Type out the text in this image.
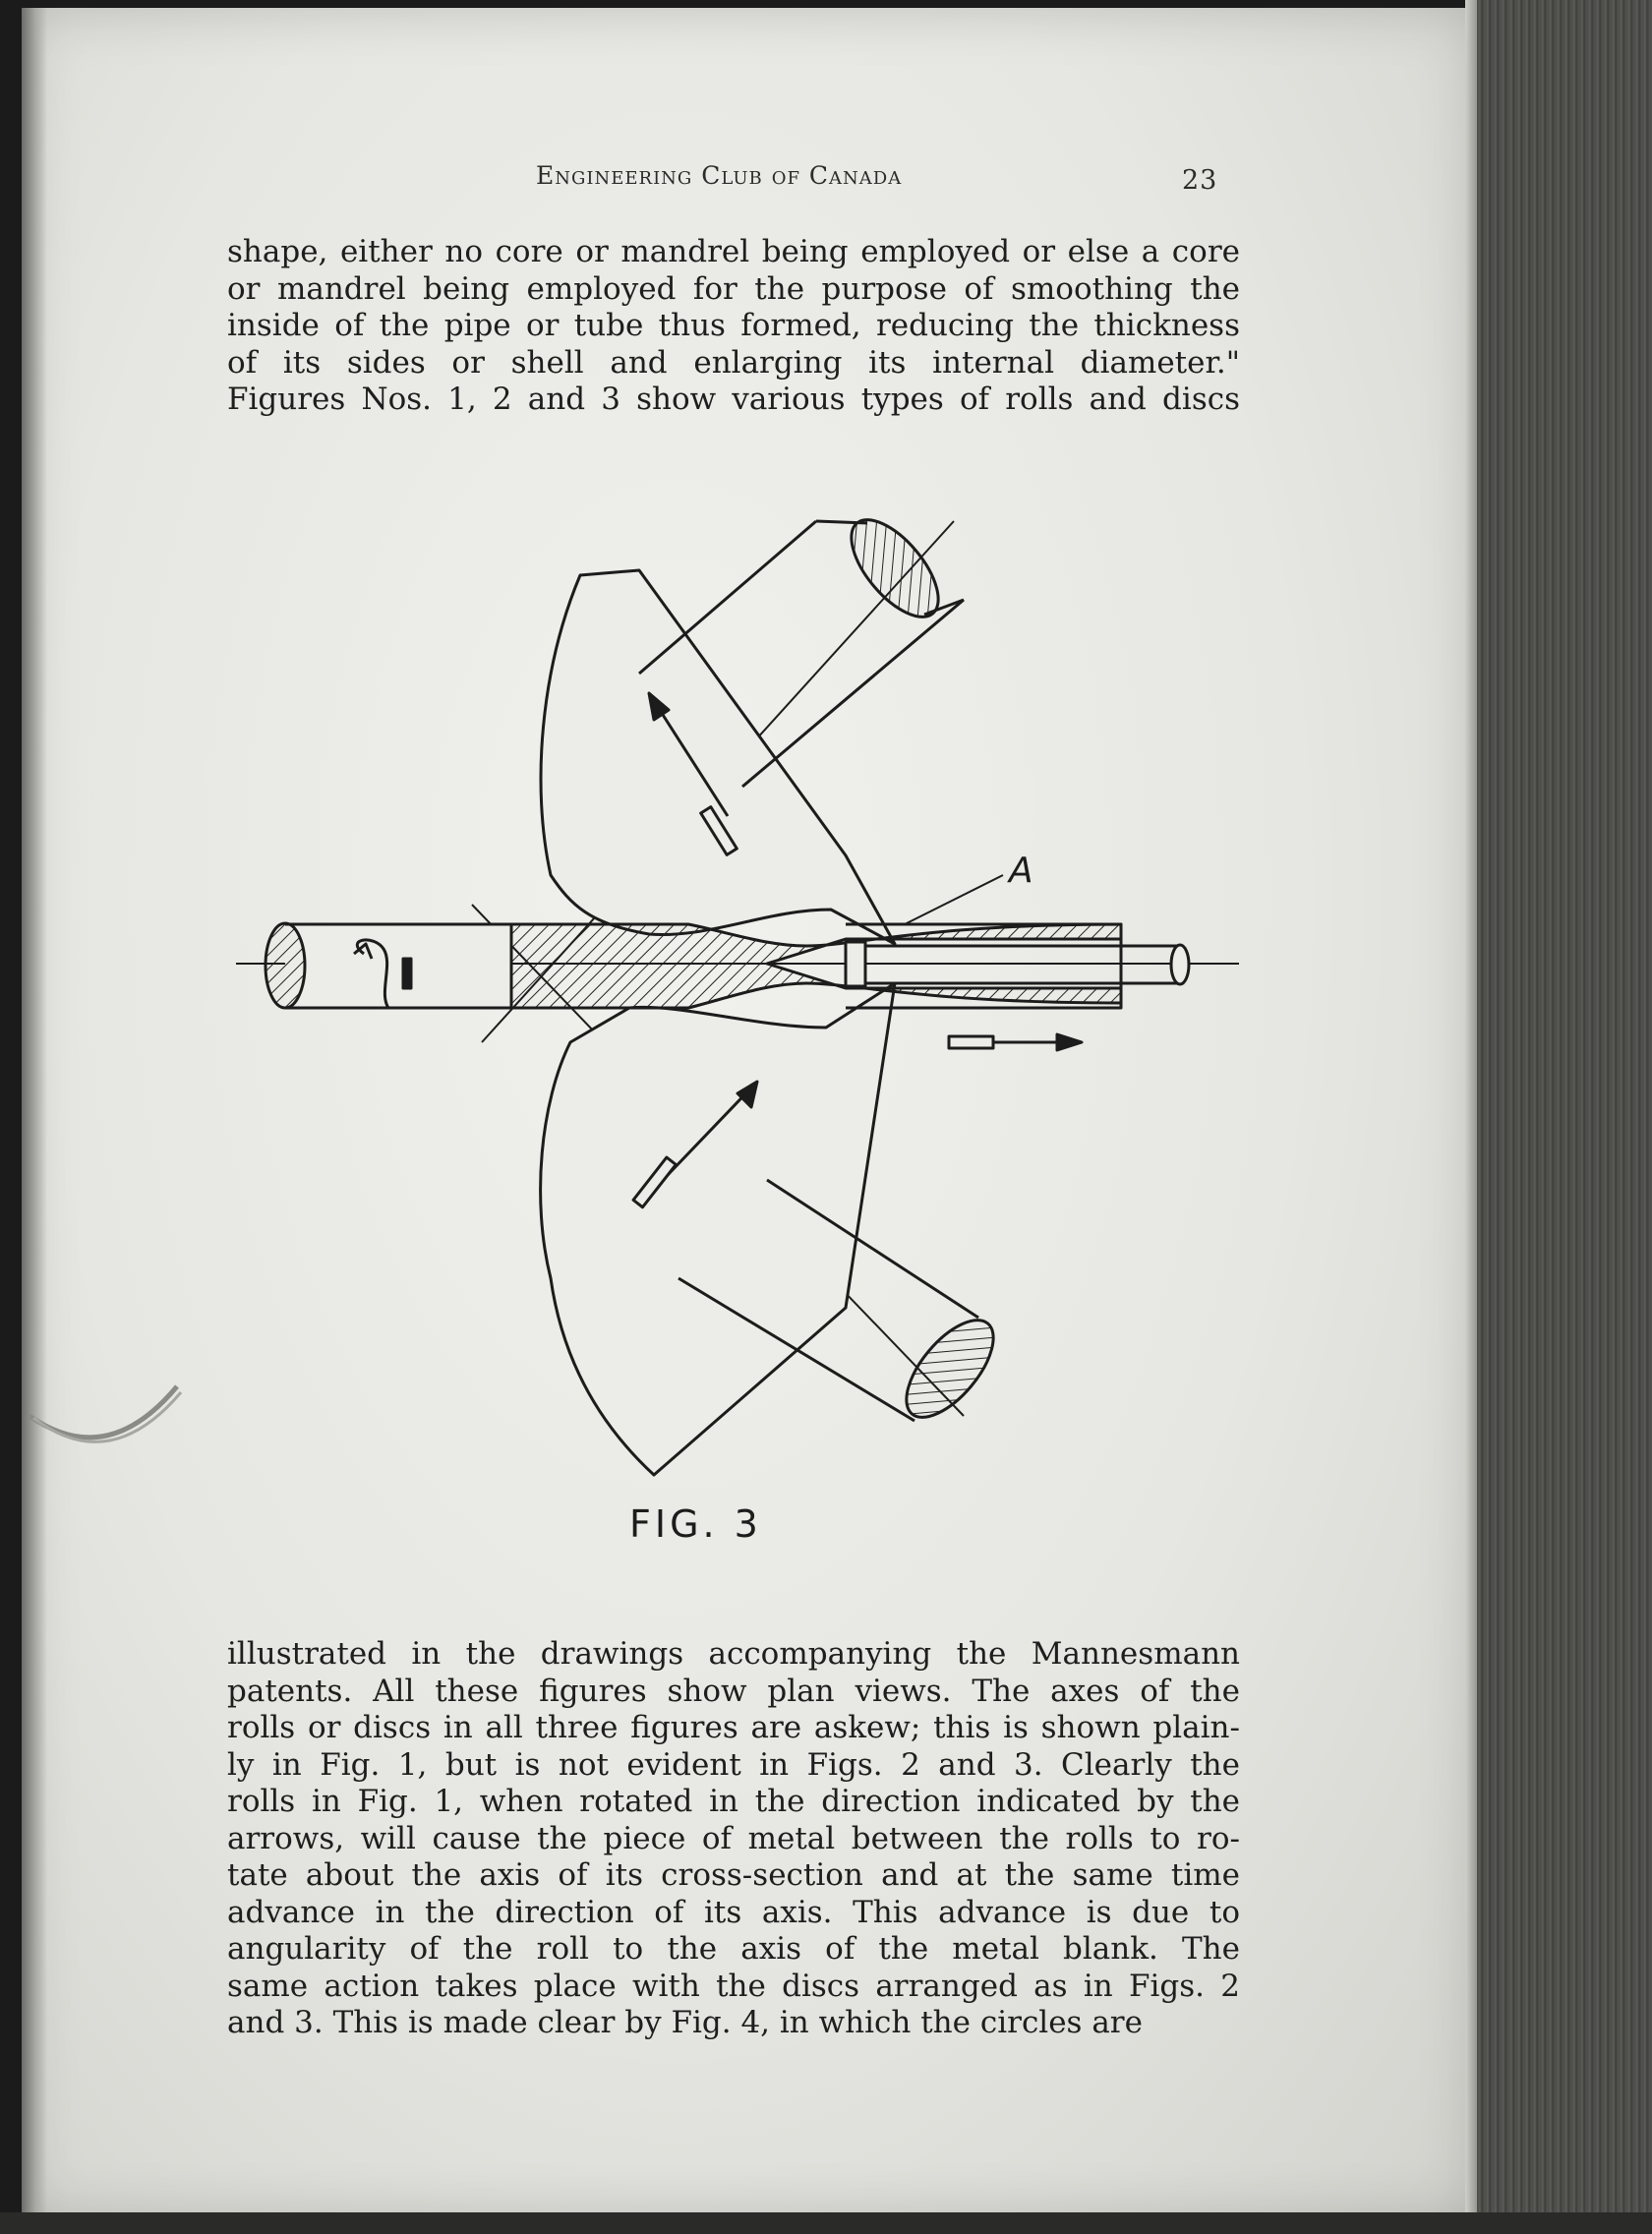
Engineering Club of Canada	23
shape, either no core or mandrel being employed or else a core
or mandrel being employed for the purpose of smoothing the
inside of the pipe or tube thus formed, reducing the thickness
of its sides or shell and enlarging its internal diameter."
Figures Nos. 1, 2 and 3 show various types of rolls and discs
A
FIG. 3
illustrated in the drawings accompanying the Mannesmann
patents. All these figures show plan views. The axes of the
rolls or discs in all three figures are askew; this is shown plain-
ly in Fig. 1, but is not evident in Figs. 2 and 3. Clearly the
rolls in Fig. 1, when rotated in the direction indicated by the
arrows, will cause the piece of metal between the rolls to ro-
tate about the axis of its cross-section and at the same time
advance in the direction of its axis. This advance is due to
angularity of the roll to the axis of the metal blank. The
same action takes place with the discs arranged as in Figs. 2
and 3. This is made clear by Fig. 4, in which the circles are
